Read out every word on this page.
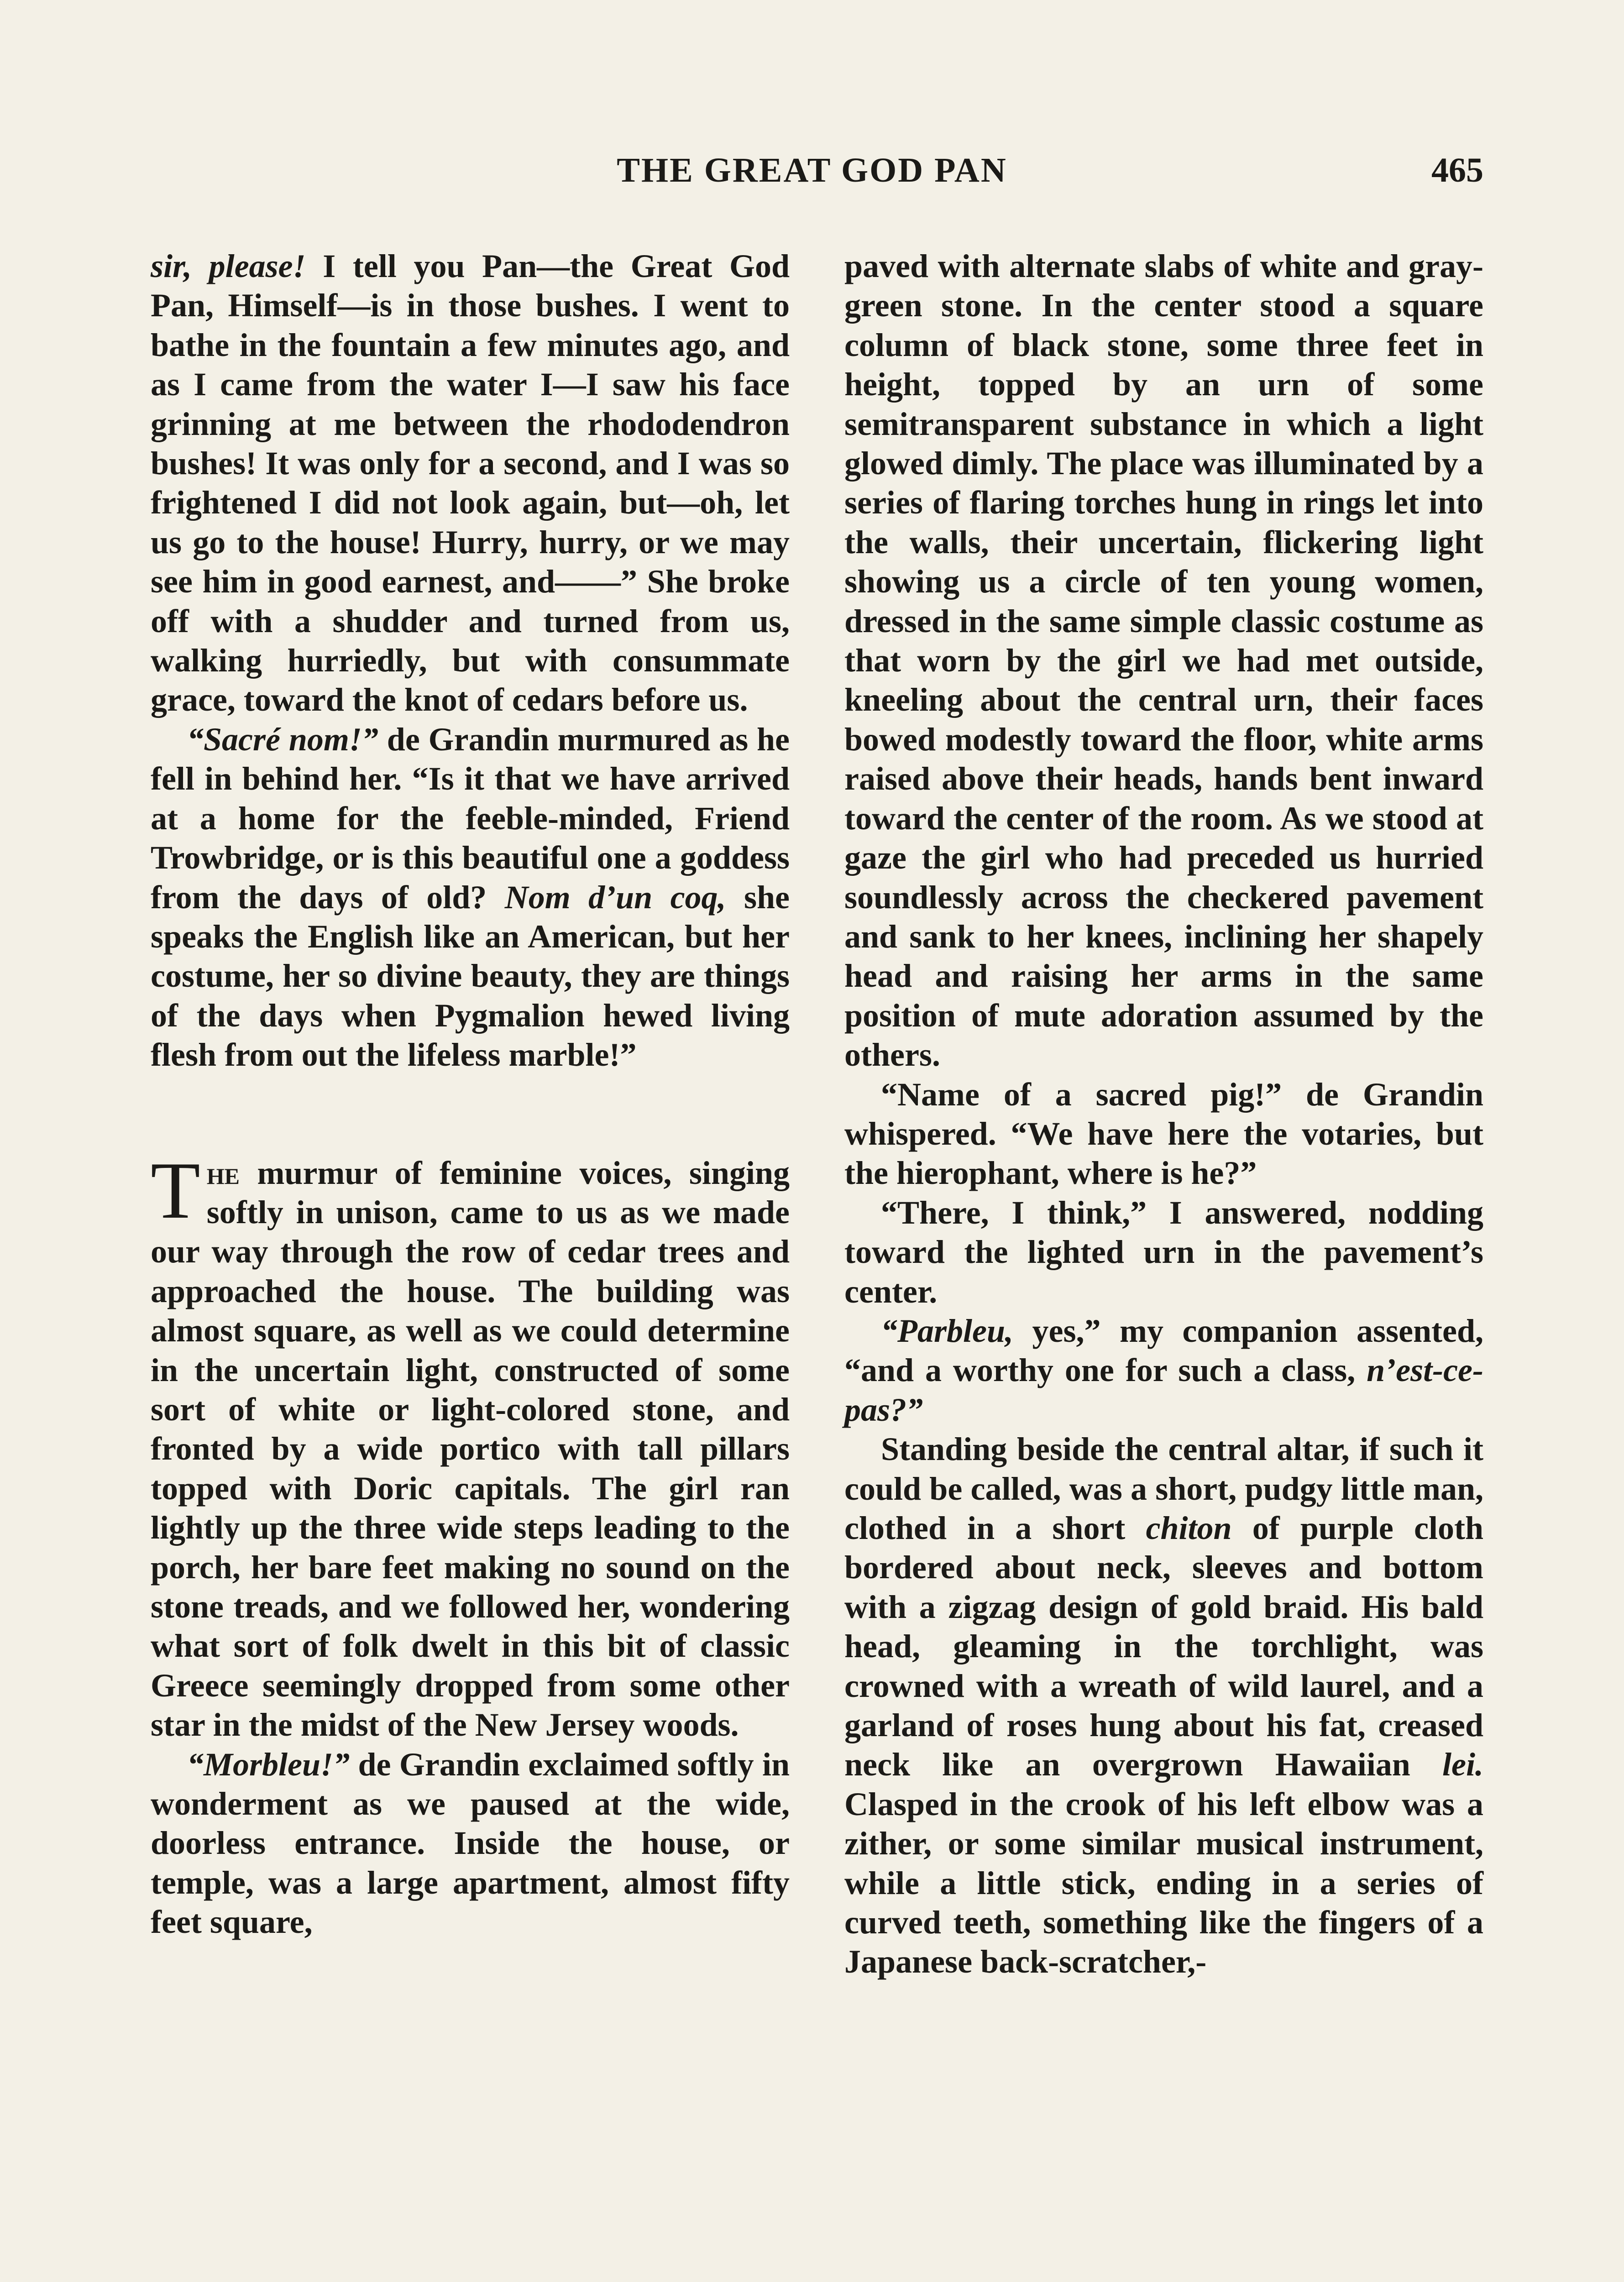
THE GREAT GOD PAN	465

sir, please! I tell you Pan—the Great God Pan, Himself—is in those bushes. I went to bathe in the fountain a few minutes ago, and as I came from the water I—I saw his face grinning at me between the rhododendron bushes! It was only for a second, and I was so frightened I did not look again, but—oh, let us go to the house! Hurry, hurry, or we may see him in good earnest, and——” She broke off with a shudder and turned from us, walking hurriedly, but with consummate grace, toward the knot of cedars before us.

“Sacré nom!” de Grandin murmured as he fell in behind her. “Is it that we have arrived at a home for the feeble-minded, Friend Trowbridge, or is this beautiful one a goddess from the days of old? Nom d’un coq, she speaks the English like an American, but her costume, her so divine beauty, they are things of the days when Pygmalion hewed living flesh from out the lifeless marble!”

The murmur of feminine voices, singing softly in unison, came to us as we made our way through the row of cedar trees and approached the house. The building was almost square, as well as we could determine in the uncertain light, constructed of some sort of white or light-colored stone, and fronted by a wide portico with tall pillars topped with Doric capitals. The girl ran lightly up the three wide steps leading to the porch, her bare feet making no sound on the stone treads, and we followed her, wondering what sort of folk dwelt in this bit of classic Greece seemingly dropped from some other star in the midst of the New Jersey woods.

“Morbleu!” de Grandin exclaimed softly in wonderment as we paused at the wide, doorless entrance. Inside the house, or temple, was a large apartment, almost fifty feet square,

paved with alternate slabs of white and gray-green stone. In the center stood a square column of black stone, some three feet in height, topped by an urn of some semitransparent substance in which a light glowed dimly. The place was illuminated by a series of flaring torches hung in rings let into the walls, their uncertain, flickering light showing us a circle of ten young women, dressed in the same simple classic costume as that worn by the girl we had met outside, kneeling about the central urn, their faces bowed modestly toward the floor, white arms raised above their heads, hands bent inward toward the center of the room. As we stood at gaze the girl who had preceded us hurried soundlessly across the checkered pavement and sank to her knees, inclining her shapely head and raising her arms in the same position of mute adoration assumed by the others.

“Name of a sacred pig!” de Grandin whispered. “We have here the votaries, but the hierophant, where is he?”

“There, I think,” I answered, nodding toward the lighted urn in the pavement’s center.

“Parbleu, yes,” my companion assented, “and a worthy one for such a class, n’est-ce-pas?”

Standing beside the central altar, if such it could be called, was a short, pudgy little man, clothed in a short chiton of purple cloth bordered about neck, sleeves and bottom with a zigzag design of gold braid. His bald head, gleaming in the torchlight, was crowned with a wreath of wild laurel, and a garland of roses hung about his fat, creased neck like an overgrown Hawaiian lei. Clasped in the crook of his left elbow was a zither, or some similar musical instrument, while a little stick, ending in a series of curved teeth, something like the fingers of a Japanese back-scratcher,-
